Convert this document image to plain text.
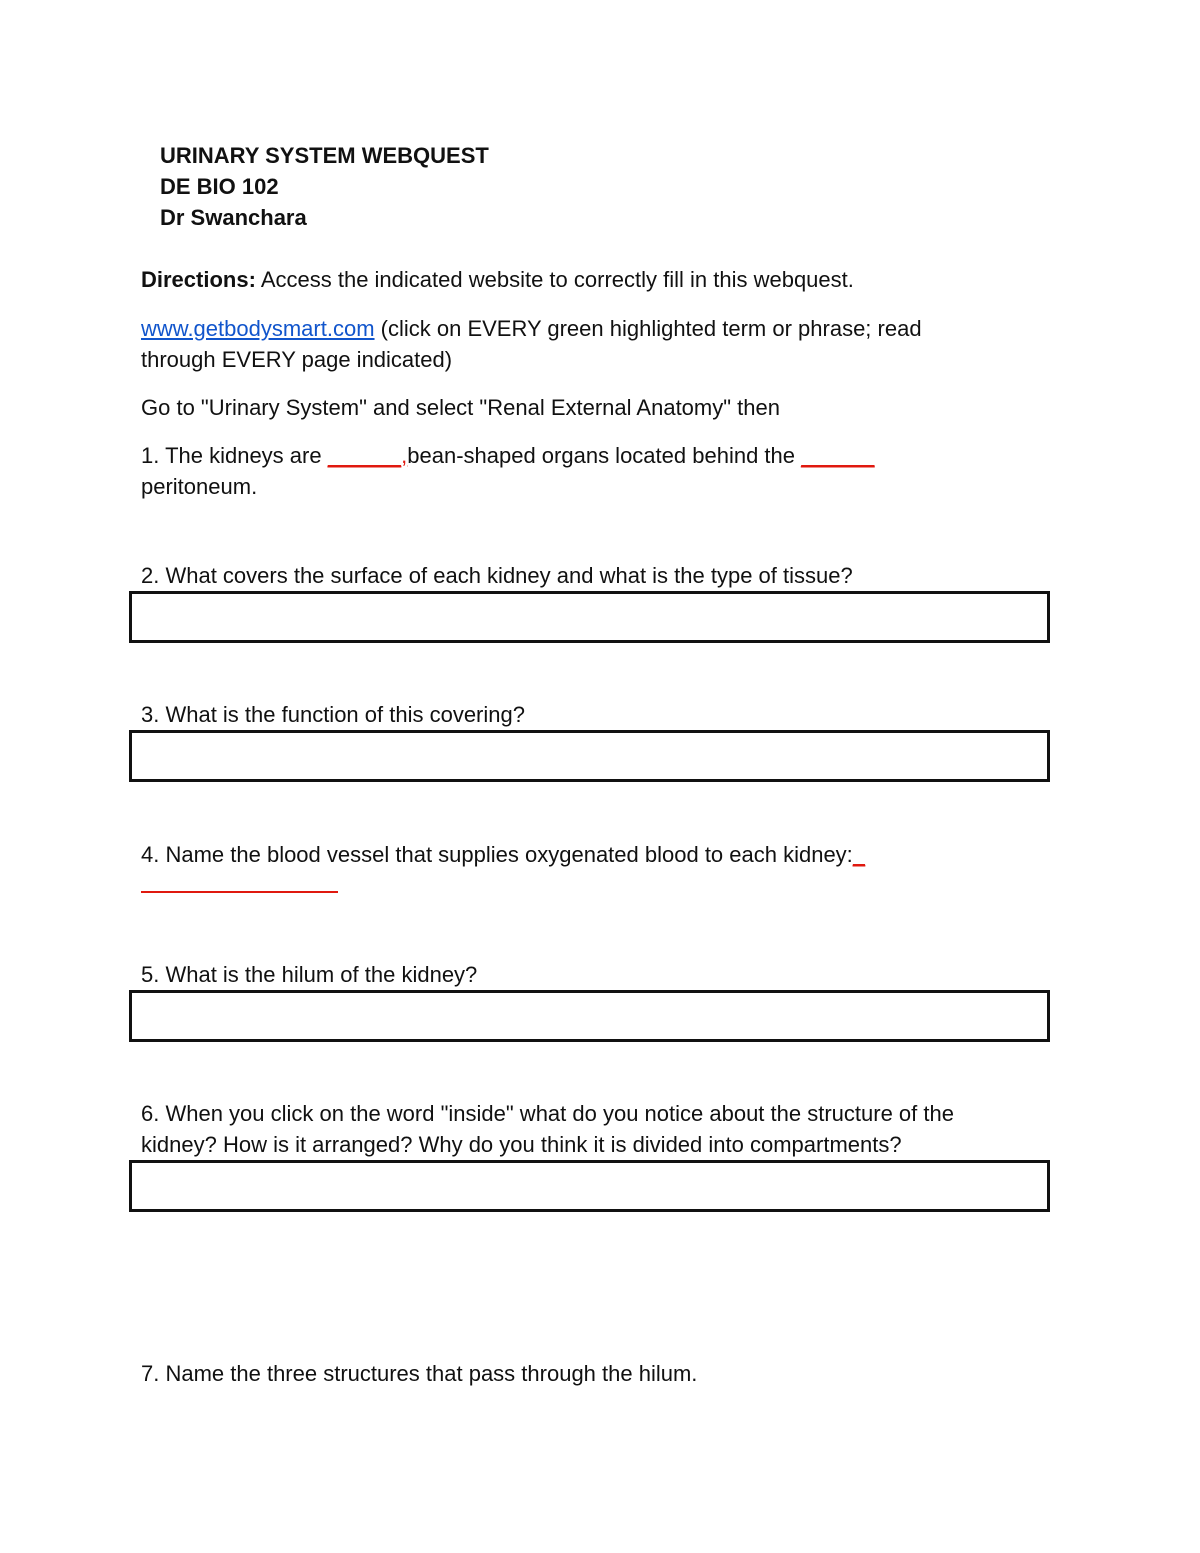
URINARY SYSTEM WEBQUEST
DE BIO 102
Dr Swanchara
Directions: Access the indicated website to correctly fill in this webquest.
www.getbodysmart.com (click on EVERY green highlighted term or phrase; read
through EVERY page indicated)
Go to "Urinary System" and select "Renal External Anatomy" then
1. The kidneys are ______,bean-shaped organs located behind the ______
peritoneum.
2. What covers the surface of each kidney and what is the type of tissue?
3. What is the function of this covering?
4. Name the blood vessel that supplies oxygenated blood to each kidney:_
5. What is the hilum of the kidney?
6. When you click on the word "inside" what do you notice about the structure of the
kidney? How is it arranged? Why do you think it is divided into compartments?
7. Name the three structures that pass through the hilum.
